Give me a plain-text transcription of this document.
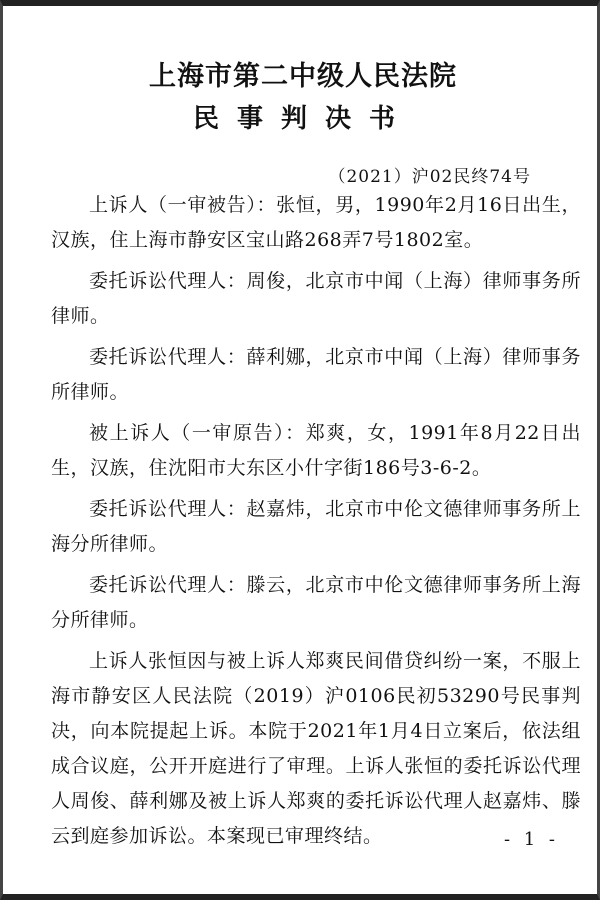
上海市第二中级人民法院
民事判决书
（2021）沪02民终74号

上诉人（一审被告）：张恒，男，1990年2月16日出生，汉族，住上海市静安区宝山路268弄7号1802室。

委托诉讼代理人：周俊，北京市中闻（上海）律师事务所律师。

委托诉讼代理人：薛利娜，北京市中闻（上海）律师事务所律师。

被上诉人（一审原告）：郑爽，女，1991年8月22日出生，汉族，住沈阳市大东区小什字街186号3-6-2。

委托诉讼代理人：赵嘉炜，北京市中伦文德律师事务所上海分所律师。

委托诉讼代理人：滕云，北京市中伦文德律师事务所上海分所律师。

上诉人张恒因与被上诉人郑爽民间借贷纠纷一案，不服上海市静安区人民法院（2019）沪0106民初53290号民事判决，向本院提起上诉。本院于2021年1月4日立案后，依法组成合议庭，公开开庭进行了审理。上诉人张恒的委托诉讼代理人周俊、薛利娜及被上诉人郑爽的委托诉讼代理人赵嘉炜、滕云到庭参加诉讼。本案现已审理终结。	- 1 -
